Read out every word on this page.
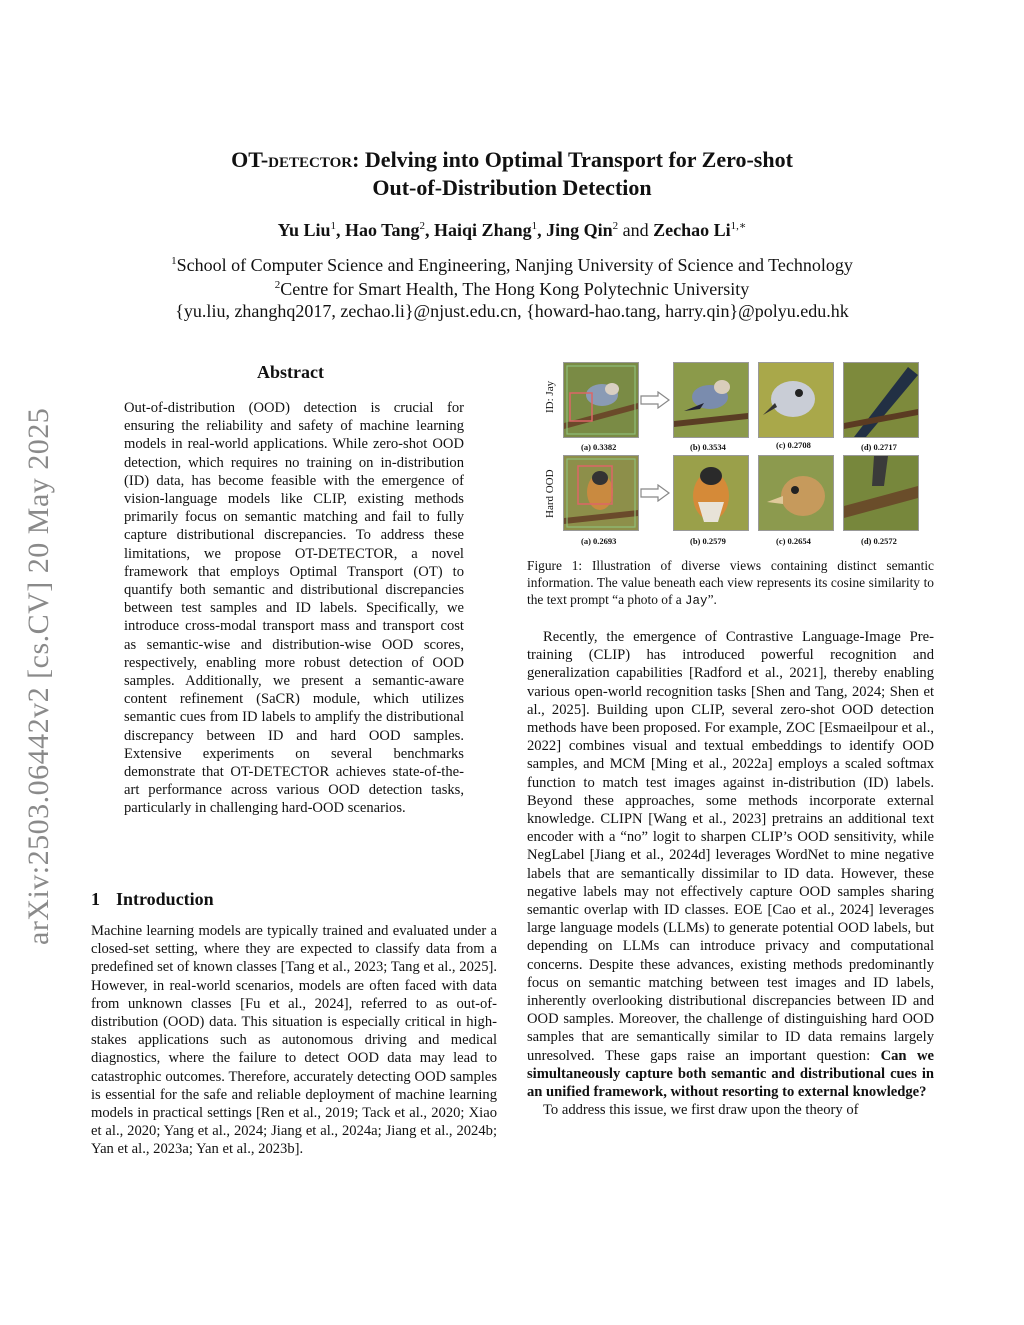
arXiv:2503.06442v2 [cs.CV] 20 May 2025
OT-detector: Delving into Optimal Transport for Zero-shot
Out-of-Distribution Detection
Yu Liu$^1$, Hao Tang$^2$, Haiqi Zhang$^1$, Jing Qin$^2$ and Zechao $Li^{1,∗}$
$^1$School of Computer Science and Engineering, Nanjing University of Science and Technology
$^2$Centre for Smart Health, The Hong Kong Polytechnic University
{yu.liu, zhanghq2017, zechao.li}@njust.edu.cn, {howard-hao.tang, harry.qin}@polyu.edu.hk
Abstract
Out-of-distribution (OOD) detection is crucial for ensuring the reliability and safety of machine learning models in real-world applications. While zero-shot OOD detection, which requires no training on in-distribution (ID) data, has become feasible with the emergence of vision-language models like CLIP, existing methods primarily focus on semantic matching and fail to fully capture distributional discrepancies. To address these limitations, we propose OT-DETECTOR, a novel framework that employs Optimal Transport (OT) to quantify both semantic and distributional discrepancies between test samples and ID labels. Specifically, we introduce cross-modal transport mass and transport cost as semantic-wise and distribution-wise OOD scores, respectively, enabling more robust detection of OOD samples. Additionally, we present a semantic-aware content refinement (SaCR) module, which utilizes semantic cues from ID labels to amplify the distributional discrepancy between ID and hard OOD samples. Extensive experiments on several benchmarks demonstrate that OT-DETECTOR achieves state-of-the-art performance across various OOD detection tasks, particularly in challenging hard-OOD scenarios.
1 Introduction
Machine learning models are typically trained and evaluated under a closed-set setting, where they are expected to classify data from a predefined set of known classes [Tang et al., 2023; Tang et al., 2025]. However, in real-world scenarios, models are often faced with data from unknown classes [Fu et al., 2024], referred to as out-of-distribution (OOD) data. This situation is especially critical in high-stakes applications such as autonomous driving and medical diagnostics, where the failure to detect OOD data may lead to catastrophic outcomes. Therefore, accurately detecting OOD samples is essential for the safe and reliable deployment of machine learning models in practical settings [Ren et al., 2019; Tack et al., 2020; Xiao et al., 2020; Yang et al., 2024; Jiang et al., 2024a; Jiang et al., 2024b; Yan et al., 2023a; Yan et al., 2023b].
ID: Jay
Hard OOD
(a) 0.3382	(b) 0.3534	(c) 0.2708	(d) 0.2717
(a) 0.2693	(b) 0.2579	(c) 0.2654	(d) 0.2572
Figure 1: Illustration of diverse views containing distinct semantic information. The value beneath each view represents its cosine similarity to the text prompt “a photo of a Jay”.

Recently, the emergence of Contrastive Language-Image Pre-training (CLIP) has introduced powerful recognition and generalization capabilities [Radford et al., 2021], thereby enabling various open-world recognition tasks [Shen and Tang, 2024; Shen et al., 2025]. Building upon CLIP, several zero-shot OOD detection methods have been proposed. For example, ZOC [Esmaeilpour et al., 2022] combines visual and textual embeddings to identify OOD samples, and MCM [Ming et al., 2022a] employs a scaled softmax function to match test images against in-distribution (ID) labels. Beyond these approaches, some methods incorporate external knowledge. CLIPN [Wang et al., 2023] pretrains an additional text encoder with a “no” logit to sharpen CLIP’s OOD sensitivity, while NegLabel [Jiang et al., 2024d] leverages WordNet to mine negative labels that are semantically dissimilar to ID data. However, these negative labels may not effectively capture OOD samples sharing semantic overlap with ID classes. EOE [Cao et al., 2024] leverages large language models (LLMs) to generate potential OOD labels, but depending on LLMs can introduce privacy and computational concerns. Despite these advances, existing methods predominantly focus on semantic matching between test images and ID labels, inherently overlooking distributional discrepancies between ID and OOD samples. Moreover, the challenge of distinguishing hard OOD samples that are semantically similar to ID data remains largely unresolved. These gaps raise an important question: Can we simultaneously capture both semantic and distributional cues in an unified framework, without resorting to external knowledge?

To address this issue, we first draw upon the theory of
